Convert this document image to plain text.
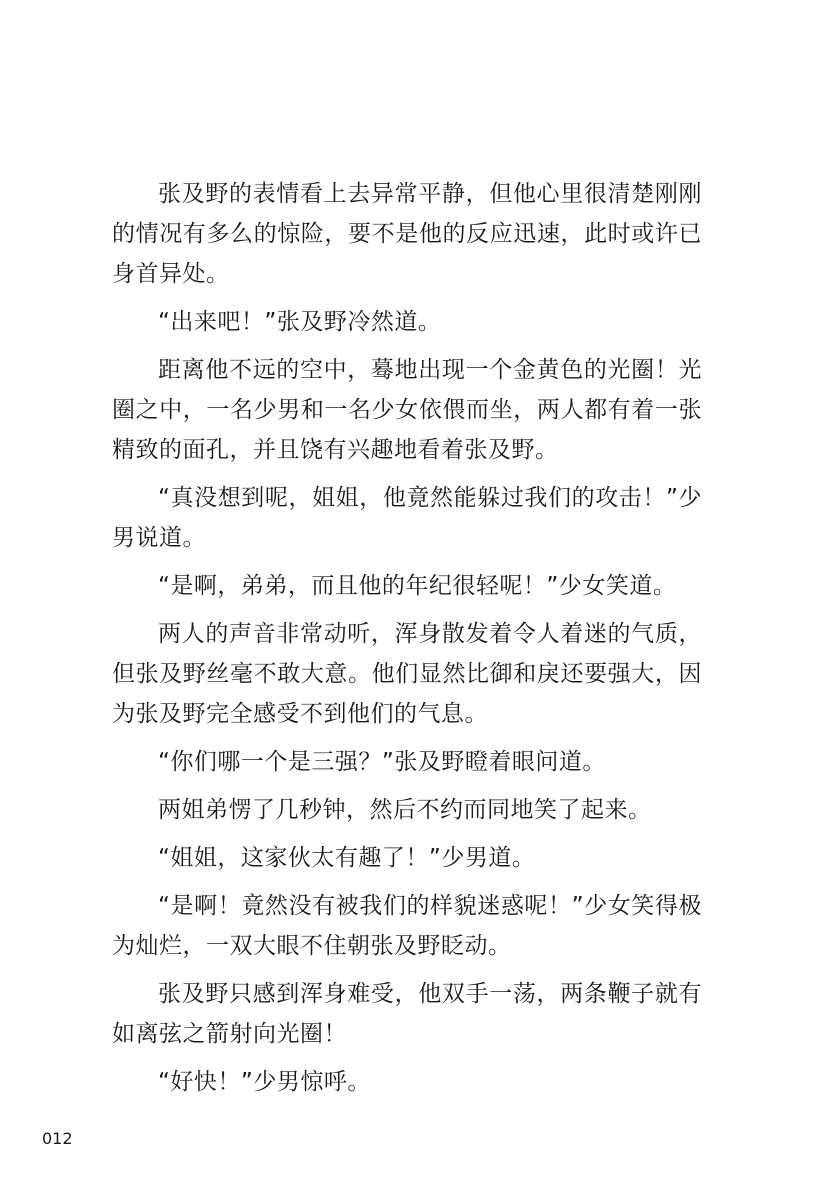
张及野的表情看上去异常平静，但他心里很清楚刚刚的情况有多么的惊险，要不是他的反应迅速，此时或许已身首异处。

“出来吧！”张及野冷然道。

距离他不远的空中，蓦地出现一个金黄色的光圈！光圈之中，一名少男和一名少女依偎而坐，两人都有着一张精致的面孔，并且饶有兴趣地看着张及野。

“真没想到呢，姐姐，他竟然能躲过我们的攻击！”少男说道。

“是啊，弟弟，而且他的年纪很轻呢！”少女笑道。

两人的声音非常动听，浑身散发着令人着迷的气质，但张及野丝毫不敢大意。他们显然比御和戾还要强大，因为张及野完全感受不到他们的气息。

“你们哪一个是三强？”张及野瞪着眼问道。

两姐弟愣了几秒钟，然后不约而同地笑了起来。

“姐姐，这家伙太有趣了！”少男道。

“是啊！竟然没有被我们的样貌迷惑呢！”少女笑得极为灿烂，一双大眼不住朝张及野眨动。

张及野只感到浑身难受，他双手一荡，两条鞭子就有如离弦之箭射向光圈！

“好快！”少男惊呼。

012
